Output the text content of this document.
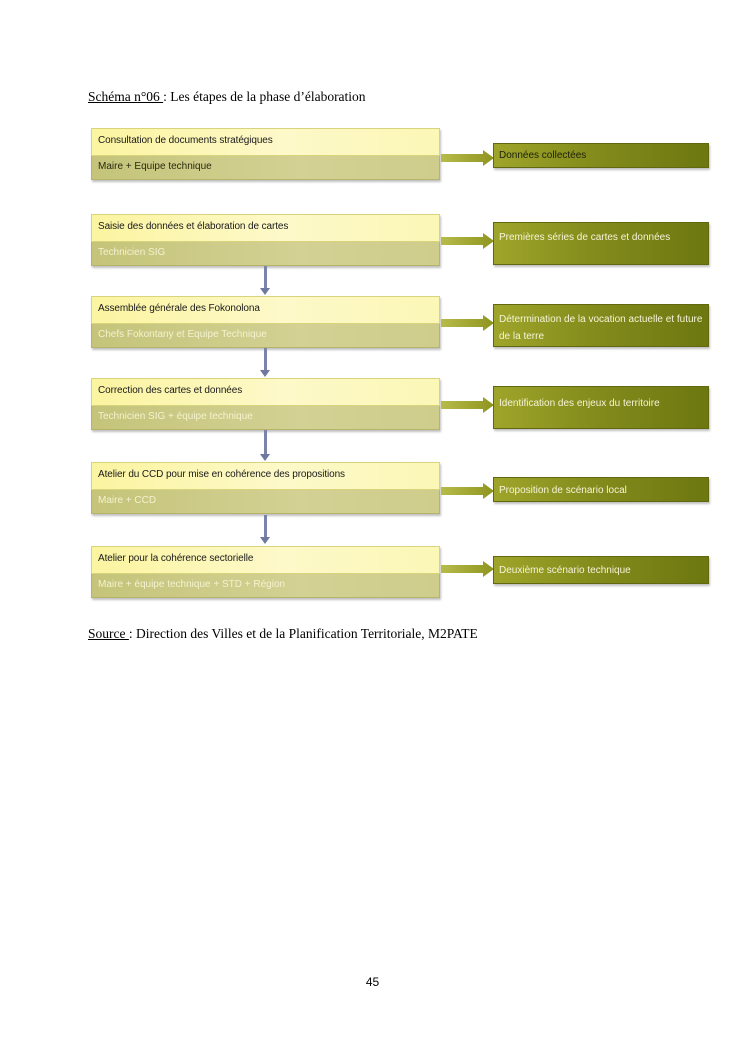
Schéma n°06 : Les étapes de la phase d’élaboration
Consultation de documents stratégiques
Maire + Equipe technique
Données collectées
Saisie des données et élaboration de cartes
Technicien SIG
Premières séries de cartes et données
Assemblée générale des Fokonolona
Chefs Fokontany et Equipe Technique
Détermination de la vocation actuelle et future
de la terre
Correction des cartes et données
Technicien SIG + équipe technique
Identification des enjeux du territoire
Atelier du CCD pour mise en cohérence des propositions
Maire + CCD
Proposition de scénario local
Atelier pour la cohérence sectorielle
Maire + équipe technique + STD + Région
Deuxième scénario technique
Source : Direction des Villes et de la Planification Territoriale, M2PATE
45
